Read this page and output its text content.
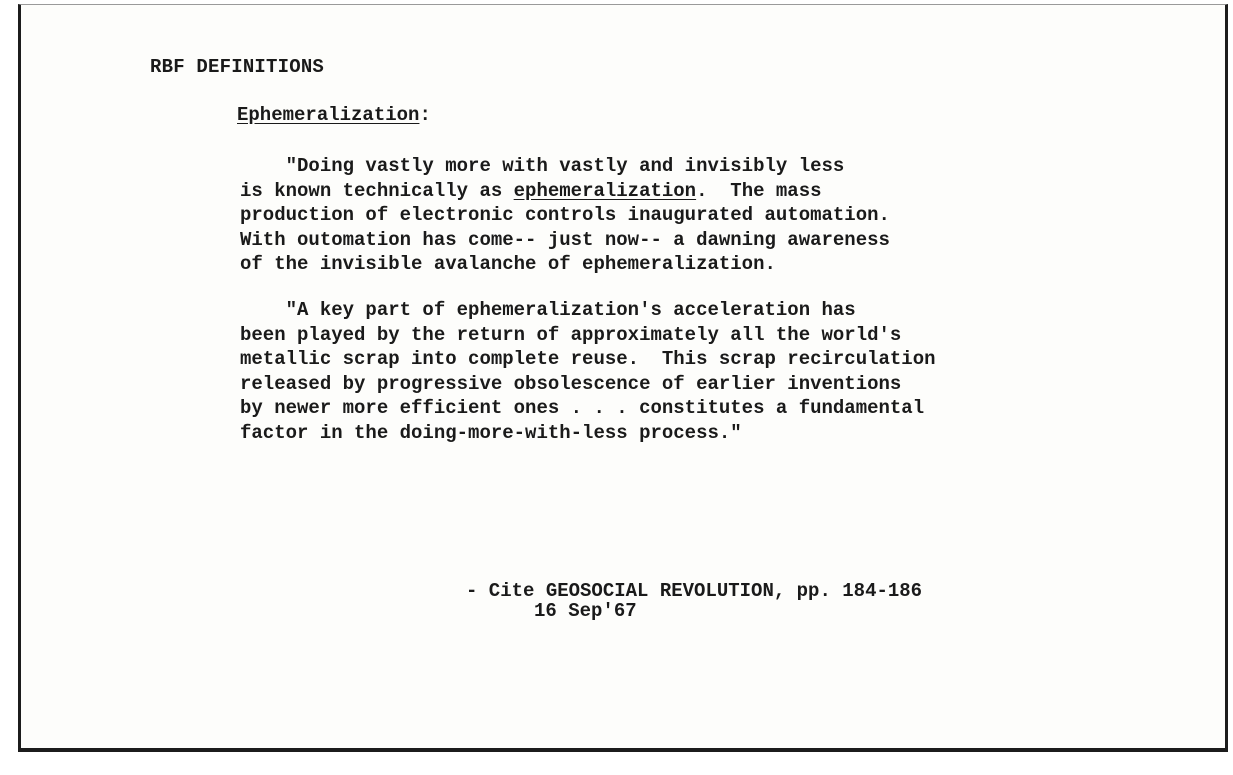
RBF DEFINITIONS
Ephemeralization:
"Doing vastly more with vastly and invisibly less
is known technically as ephemeralization.  The mass
production of electronic controls inaugurated automation.
With outomation has come-- just now-- a dawning awareness
of the invisible avalanche of ephemeralization.
"A key part of ephemeralization's acceleration has
been played by the return of approximately all the world's
metallic scrap into complete reuse.  This scrap recirculation
released by progressive obsolescence of earlier inventions
by newer more efficient ones . . . constitutes a fundamental
factor in the doing-more-with-less process."
- Cite GEOSOCIAL REVOLUTION, pp. 184-186
16 Sep'67
